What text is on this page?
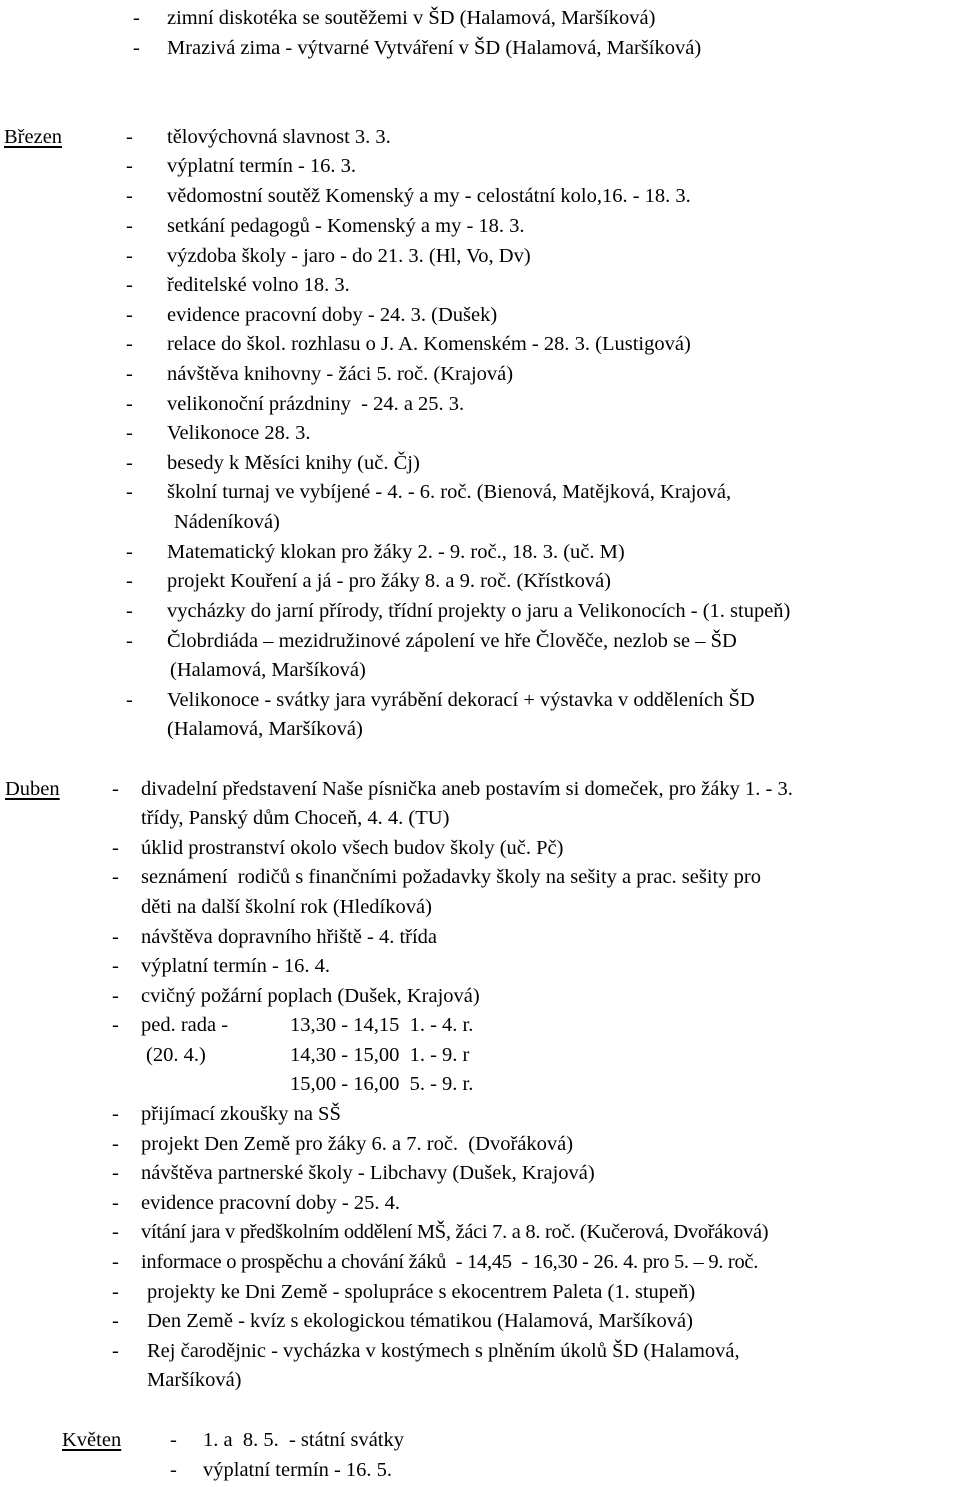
- zimní diskotéka se soutěžemi v ŠD (Halamová, Maršíková)
- Mrazivá zima - výtvarné Vytváření v ŠD (Halamová, Maršíková)
Březen	- tělovýchovná slavnost 3. 3.
- výplatní termín - 16. 3.
- vědomostní soutěž Komenský a my - celostátní kolo,16. - 18. 3.
- setkání pedagogů - Komenský a my - 18. 3.
- výzdoba školy - jaro - do 21. 3. (Hl, Vo, Dv)
- ředitelské volno 18. 3.
- evidence pracovní doby - 24. 3. (Dušek)
- relace do škol. rozhlasu o J. A. Komenském - 28. 3. (Lustigová)
- návštěva knihovny - žáci 5. roč. (Krajová)
- velikonoční prázdniny  - 24. a 25. 3.
- Velikonoce 28. 3.
- besedy k Měsíci knihy (uč. Čj)
- školní turnaj ve vybíjené - 4. - 6. roč. (Bienová, Matějková, Krajová,
Nádeníková)
- Matematický klokan pro žáky 2. - 9. roč., 18. 3. (uč. M)
- projekt Kouření a já - pro žáky 8. a 9. roč. (Křístková)
- vycházky do jarní přírody, třídní projekty o jaru a Velikonocích - (1. stupeň)
- Člobrdiáda – mezidružinové zápolení ve hře Člověče, nezlob se – ŠD
(Halamová, Maršíková)
- Velikonoce - svátky jara vyrábění dekorací + výstavka v odděleních ŠD
(Halamová, Maršíková)
Duben	- divadelní představení Naše písnička aneb postavím si domeček, pro žáky 1. - 3.
třídy, Panský dům Choceň, 4. 4. (TU)
- úklid prostranství okolo všech budov školy (uč. Pč)
- seznámení  rodičů s finančními požadavky školy na sešity a prac. sešity pro
děti na další školní rok (Hledíková)
- návštěva dopravního hřiště - 4. třída
- výplatní termín - 16. 4.
- cvičný požární poplach (Dušek, Krajová)
- ped. rada -	13,30 - 14,15  1. - 4. r.
(20. 4.)	14,30 - 15,00  1. - 9. r
15,00 - 16,00  5. - 9. r.
- přijímací zkoušky na SŠ
- projekt Den Země pro žáky 6. a 7. roč.  (Dvořáková)
- návštěva partnerské školy - Libchavy (Dušek, Krajová)
- evidence pracovní doby - 25. 4.
- vítání jara v předškolním oddělení MŠ, žáci 7. a 8. roč. (Kučerová, Dvořáková)
- informace o prospěchu a chování žáků  - 14,45  - 16,30 - 26. 4. pro 5. – 9. roč.
- projekty ke Dni Země - spolupráce s ekocentrem Paleta (1. stupeň)
- Den Země - kvíz s ekologickou tématikou (Halamová, Maršíková)
- Rej čarodějnic - vycházka v kostýmech s plněním úkolů ŠD (Halamová,
Maršíková)
Květen - 1. a  8. 5.  - státní svátky
- výplatní termín - 16. 5.
